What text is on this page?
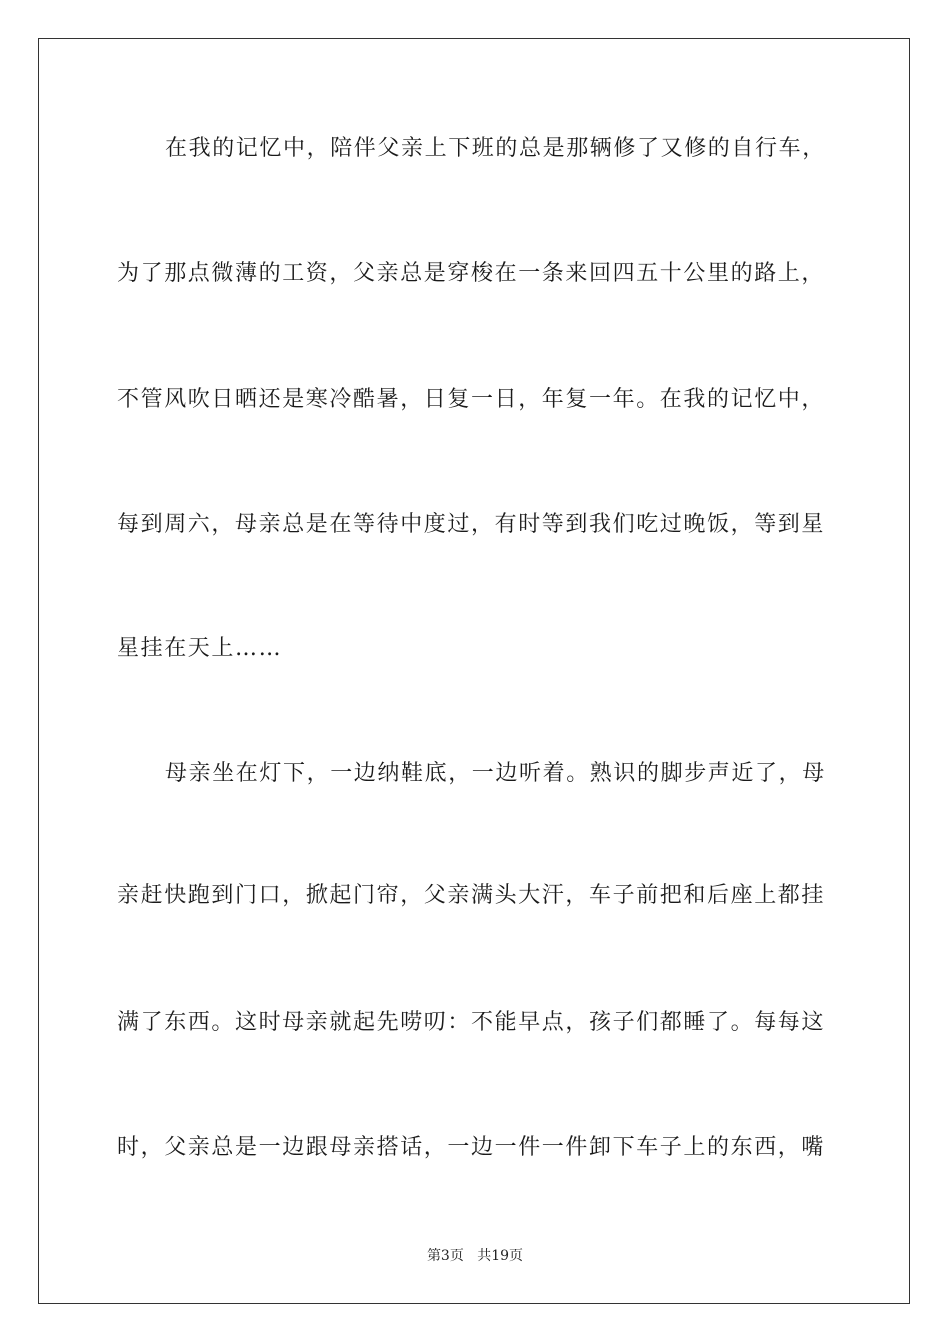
在我的记忆中，陪伴父亲上下班的总是那辆修了又修的自行车，
为了那点微薄的工资，父亲总是穿梭在一条来回四五十公里的路上，
不管风吹日晒还是寒冷酷暑，日复一日，年复一年。在我的记忆中，
每到周六，母亲总是在等待中度过，有时等到我们吃过晚饭，等到星
星挂在天上……
母亲坐在灯下，一边纳鞋底，一边听着。熟识的脚步声近了，母
亲赶快跑到门口，掀起门帘，父亲满头大汗，车子前把和后座上都挂
满了东西。这时母亲就起先唠叨：不能早点，孩子们都睡了。每每这
时，父亲总是一边跟母亲搭话，一边一件一件卸下车子上的东西，嘴
第3页 共19页
